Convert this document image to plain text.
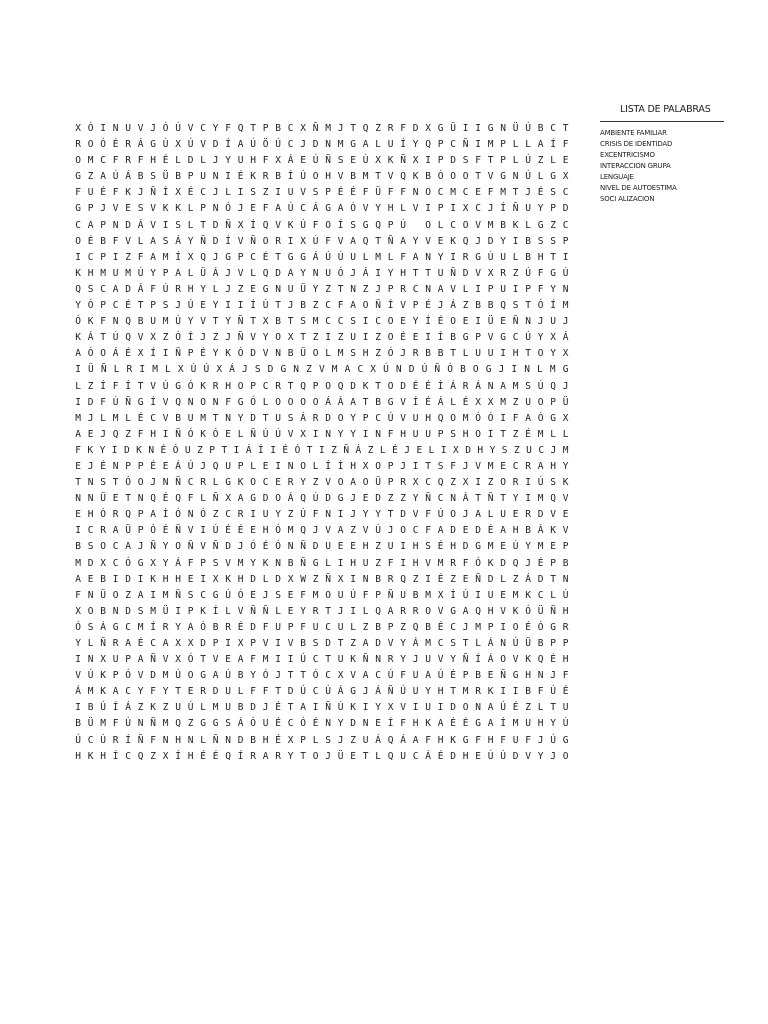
X Ó I N U V J Ó Ú V C Y F Q T P B C X Ñ M J T Q Z R F D X G Ü I I G N Ü Ú B C T
R O Ó É R Á G Ú X Ú V D Í A Ú Ö Ú C J D N M G A L U Í Y Q P C Ñ I M P L L A Í F
O M C F R F H É L D L J Y U H F X Á E Ú Ñ S E Ú X K Ñ X I P D S F T P L Ú Z L E
G Z A Ú Á B S Ü B P U N I É K R B Í Ú O H V B M T V Q K B Ó O O T V G N Ú L G X
F U É F K J Ñ Í X É C J L I S Z I U V S P É É F Ü F F N O C M C E F M T J É S C
G P J V E S V K K L P N Ó J E F A Ú C Á G A Ó V Y H L V I P I X C J Í Ñ U Y P D
C A P N D Á V I S L T D Ñ X Í Q V K Ú F O Í S G Q P Ú	O L C O V M B K L G Z C
O É B F V L A S Á Y Ñ D Í V Ñ O R I X Ú F V A Q T Ñ A Y V E K Q J D Y I B S S P
I C P I Z F A M Í X Q J G P C É T G G Á Ú Ú U L M L F A N Y I R G Ú U L B H T I
K H M U M Ú Y P A L Ü Á J V L Q D A Y N U Ó J Á I Y H T T U Ñ D V X R Z Ú F G Ú
Q S C A D Á F Ú R H Y L J Z E G N U Ü Y Z T N Z J P R C N A V L I P U I P F Y N
Y Ó P C É T P S J Ú E Y I I Í Ú T J B Z C F A O Ñ Í V P É J Á Z B B Q S T Ó Í M
Ó K F N Q B U M Ú Y V T Y Ñ T X B T S M C C S I C O E Y Í É O E I Ü E Ñ N J U J
K Á T Ú Q V X Z Ó Í J Z J Ñ V Y O X T Z I Z U I Z O É E I Í B G P V G C Ú Y X Á
A Ó O Á É X Í I Ñ P É Y K Ó D V N B Ü O L M S H Z Ó J R B B T L U U I H T O Y X
I Ü Ñ L R I M L X Ú Ú X Á J S D G N Z V M A C X Ú N D Ú Ñ Ó B O G J I N L M G
L Z Í F Í T V Ú G Ó K R H O P C R T Q P O Q D K T O D É É Í Á R Á N A M S Ú Q J
I D F Ú Ñ G Í V Q N O N F G Ó L O O O O Á Á A T B G V Í É Á L É X X M Z U O P Ü
M J L M L É C V B U M T N Y D T U S Á R D O Y P C Ú V U H Q O M Ó Ó I F A Ó G X
A E J Q Z F H I Ñ Ó K Ó E L Ñ Ú Ú V X I N Y Y I N F H U U P S H O I T Z É M L L
F K Y I D K N É Ó U Z P T I Á Í I É Ó T I Z Ñ Á Z L É J E L I X D H Y S Z U C J M
E J É N P P É E Á Ú J Q U P L E I N O L Í Í H X O P J I T S F J V M E C R A H Y
T N S T Ó O J N Ñ C R L G K O C E R Y Z V O A O Ü P R X C Q Z X I Z O R I Ú S K
N N Ü E T N Q É Q F L Ñ X A G D O Á Q Ú D G J E D Z Z Y Ñ C N Á T Ñ T Y I M Q V
E H Ó R Q P A Í Ó N Ó Z C R I U Y Z Ú F N I J Y Y T D V F Ú O J A L U E R D V E
I C R A Ü P Ó É Ñ V I Ú É É E H Ó M Q J V A Z V Ú J O C F A D E D É A H B Á K V
B S O C A J Ñ Y O Ñ V Ñ D J Ó É Ó N Ñ D U E E H Z U I H S É H D G M E Ú Y M E P
M D X C Ó G X Y Á F P S V M Y K N B Ñ G L I H U Z F I H V M R F Ó K D Q J É P B
A E B I D I K H H E I X K H D L D X W Z Ñ X I N B R Q Z I É Z E Ñ D L Z Á D T N
F N Ü O Z A I M Ñ S C G Ú Ó E J S E F M O U Ú F P Ñ U B M X Í Ú I U E M K C L Ú
X O B N D S M Ü I P K Í L V Ñ Ñ L E Y R T J I L Q A R R O V G A Q H V K Ó Ü Ñ H
Ó S Á G C M Í R Y A Ó B R É D F U P F U C U L Z B P Z Q B É C J M P I O É Ó G R
Y L Ñ R A É C A X X D P I X P V I V B S D T Z A D V Y Á M C S T L Á N Ú Ü B P P
I N X U P A Ñ V X Ó T V E A F M I I Ú C T U K Ñ N R Y J U V Y Ñ Í Á O V K Q É H
V Ú K P Ó V D M Ú O G A Ú B Y Ó J T T Ó C X V A C Ú F U A Ú É P B E Ñ G H N J F
Á M K A C Y F Y T E R D U L F F T D Ú C Ú Á G J Á Ñ Ú U Y H T M R K I I B F Ú É
I B Ú Í Á Z K Z U Ú L M U B D J É T A I Ñ Ú K I Y X V I U I D O N A Ú É Z L T U
B Ü M F Ú N Ñ M Q Z G G S Á Ó U É C Ó É N Y D N E Í F H K A É É G A Í M U H Y Ú
Ú C Ú R Í Ñ F N H N L Ñ N D B H É X P L S J Z U Á Q Á A F H K G F H F U F J Ú G
H K H Í C Q Z X Í H É É Q Í R A R Y T O J Ü E T L Q U C Á É D H E Ú Ú D V Y J O
LISTA DE PALABRAS
AMBIENTE FAMILIAR
CRISIS DE IDENTIDAD
EXCENTRICISMO
INTERACCION GRUPA
LENGUAJE
NIVEL DE AUTOESTIMA
SOCI ALIZACION
